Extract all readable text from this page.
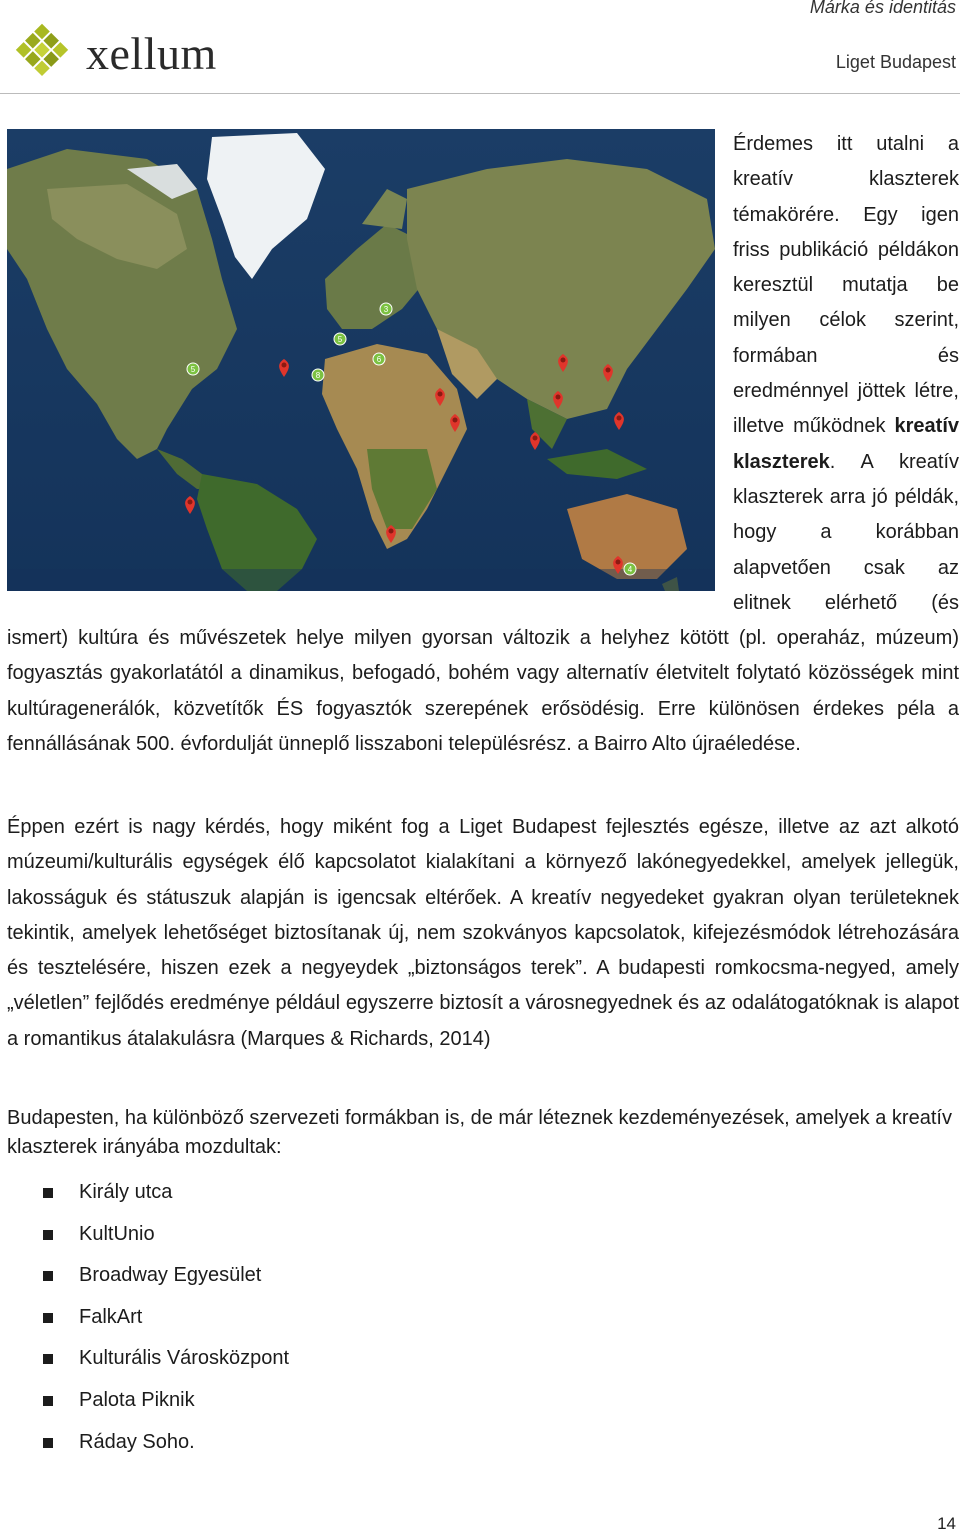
xellum
Márka és identitás
Liget Budapest
5
5
6
8
3
4
Érdemes itt utalni a kreatív klaszterek témakörére. Egy igen friss publikáció példákon keresztül mutatja be milyen célok szerint, formában és eredménnyel jöttek létre, illetve működnek kreatív klaszterek. A kreatív klaszterek arra jó példák, hogy a korábban alapvetően csak az elitnek elérhető (és ismert) kultúra és művészetek helye milyen gyorsan változik a helyhez kötött (pl. operaház, múzeum) fogyasztás gyakorlatától a dinamikus, befogadó, bohém vagy alternatív életvitelt folytató közösségek mint kultúragenerálók, közvetítők ÉS fogyasztók szerepének erősödésig. Erre különösen érdekes péla a fennállásának 500. évfordulját ünneplő lisszaboni településrész. a Bairro Alto újraéledése.
Éppen ezért is nagy kérdés, hogy miként fog a Liget Budapest fejlesztés egésze, illetve az azt alkotó múzeumi/kulturális egységek élő kapcsolatot kialakítani a környező lakónegyedekkel, amelyek jellegük, lakosságuk és státuszuk alapján is igencsak eltérőek. A kreatív negyedeket gyakran olyan területeknek tekintik, amelyek lehetőséget biztosítanak új, nem szokványos kapcsolatok, kifejezésmódok létrehozására és tesztelésére, hiszen ezek a negyeydek „biztonságos terek”. A budapesti romkocsma-negyed, amely „véletlen” fejlődés eredménye például egyszerre biztosít a városnegyednek és az odalátogatóknak is alapot a romantikus átalakulásra (Marques & Richards, 2014)
Budapesten, ha különböző szervezeti formákban is, de már léteznek kezdeményezések, amelyek a kreatív klaszterek irányába mozdultak:
Király utca
KultUnio
Broadway Egyesület
FalkArt
Kulturális Városközpont
Palota Piknik
Ráday Soho.
14
